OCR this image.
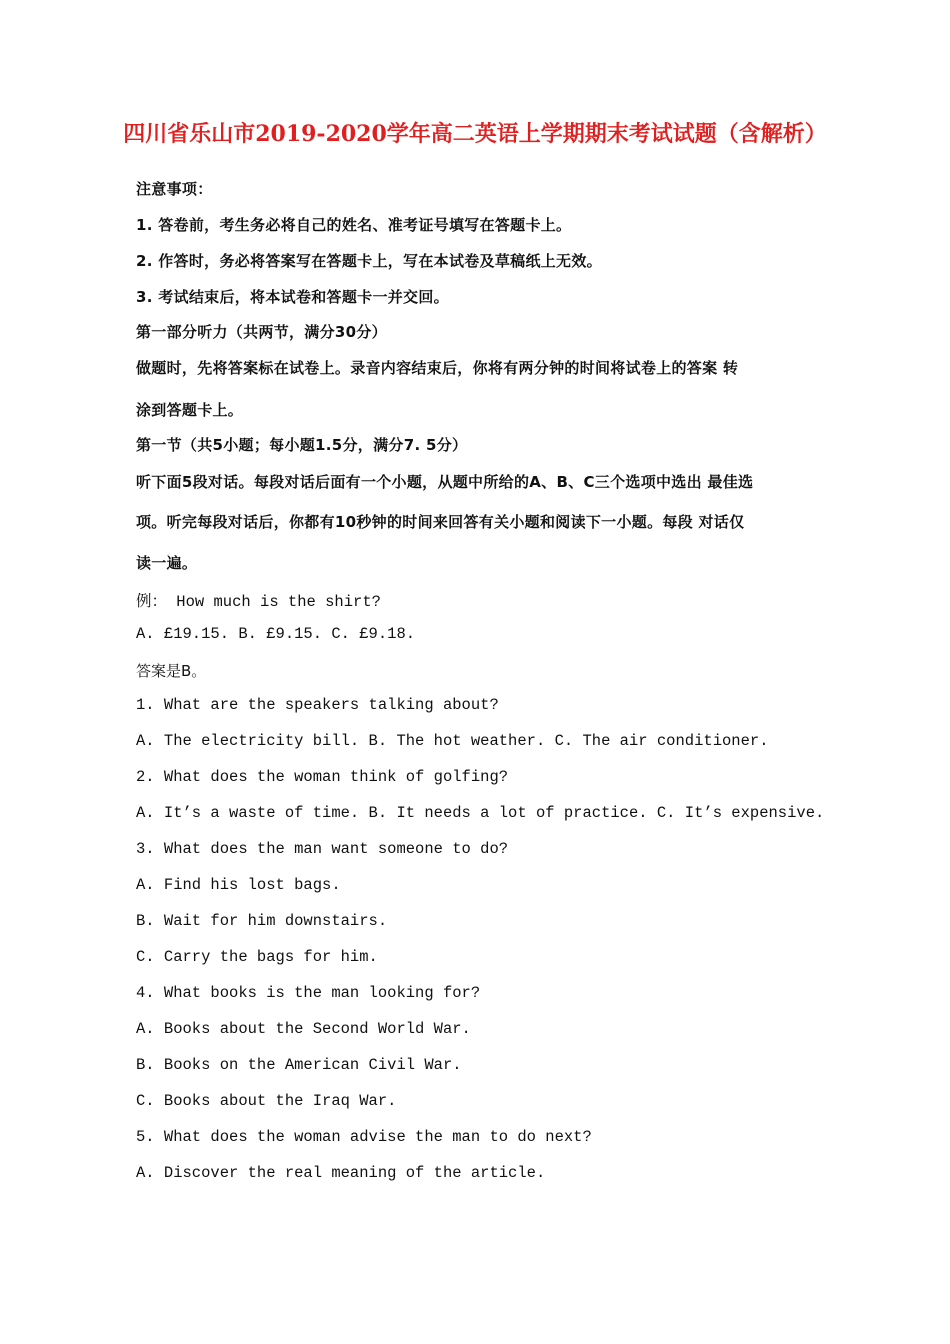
四川省乐山市2019-2020学年高二英语上学期期末考试试题（含解析）
注意事项：
1. 答卷前，考生务必将自己的姓名、准考证号填写在答题卡上。
2. 作答时，务必将答案写在答题卡上，写在本试卷及草稿纸上无效。
3. 考试结束后，将本试卷和答题卡一并交回。
第一部分听力（共两节，满分30分）
做题时，先将答案标在试卷上。录音内容结束后，你将有两分钟的时间将试卷上的答案 转
涂到答题卡上。
第一节（共5小题；每小题1.5分，满分7. 5分）
听下面5段对话。每段对话后面有一个小题，从题中所给的A、B、C三个选项中选出 最佳选
项。听完每段对话后，你都有10秒钟的时间来回答有关小题和阅读下一小题。每段 对话仅
读一遍。
例： How much is the shirt?
A. £19.15. B. £9.15. C. £9.18.
答案是B。
1. What are the speakers talking about?
A. The electricity bill. B. The hot weather. C. The air conditioner.
2. What does the woman think of golfing?
A. It’s a waste of time. B. It needs a lot of practice. C. It’s expensive.
3. What does the man want someone to do?
A. Find his lost bags.
B. Wait for him downstairs.
C. Carry the bags for him.
4. What books is the man looking for?
A. Books about the Second World War.
B. Books on the American Civil War.
C. Books about the Iraq War.
5. What does the woman advise the man to do next?
A. Discover the real meaning of the article.
